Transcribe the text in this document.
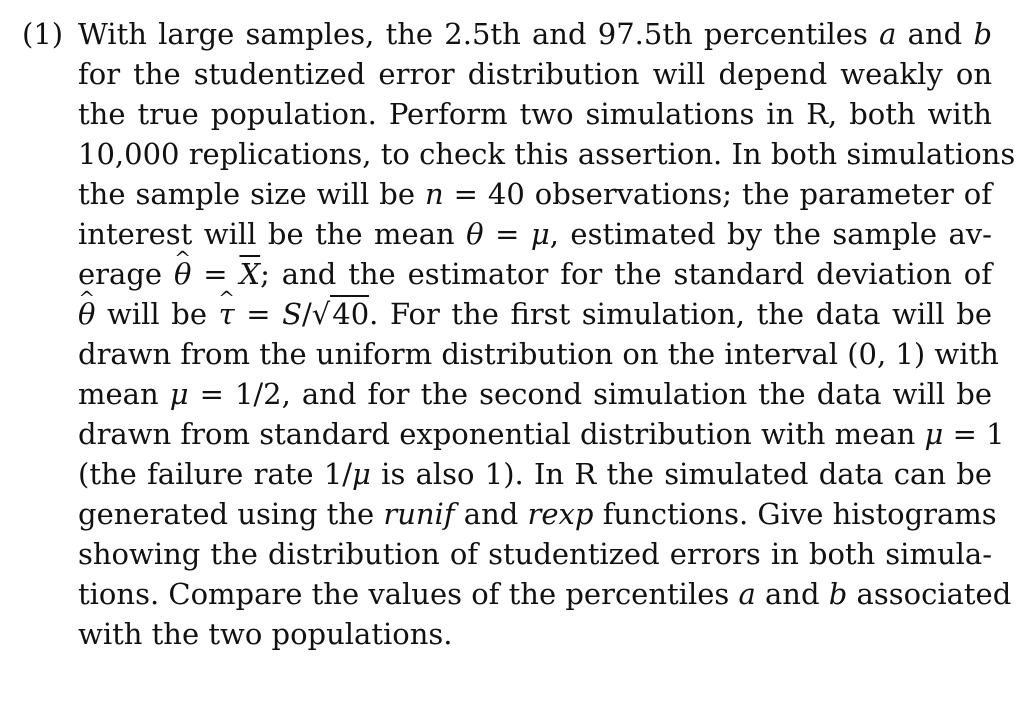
(1) With large samples, the 2.5th and 97.5th percentiles a and b
for the studentized error distribution will depend weakly on
the true population. Perform two simulations in R, both with
10,000 replications, to check this assertion. In both simulations
the sample size will be n = 40 observations; the parameter of
interest will be the mean θ = μ, estimated by the sample av-
erage θ ^ = $\overline{X}$; and the estimator for the standard deviation of
θ ^ will be τ ^ = S/√40. For the first simulation, the data will be
drawn from the uniform distribution on the interval (0, 1) with
mean μ = 1/2, and for the second simulation the data will be
drawn from standard exponential distribution with mean μ = 1
(the failure rate 1/μ is also 1). In R the simulated data can be
generated using the runif and rexp functions. Give histograms
showing the distribution of studentized errors in both simula-
tions. Compare the values of the percentiles a and b associated
with the two populations.
